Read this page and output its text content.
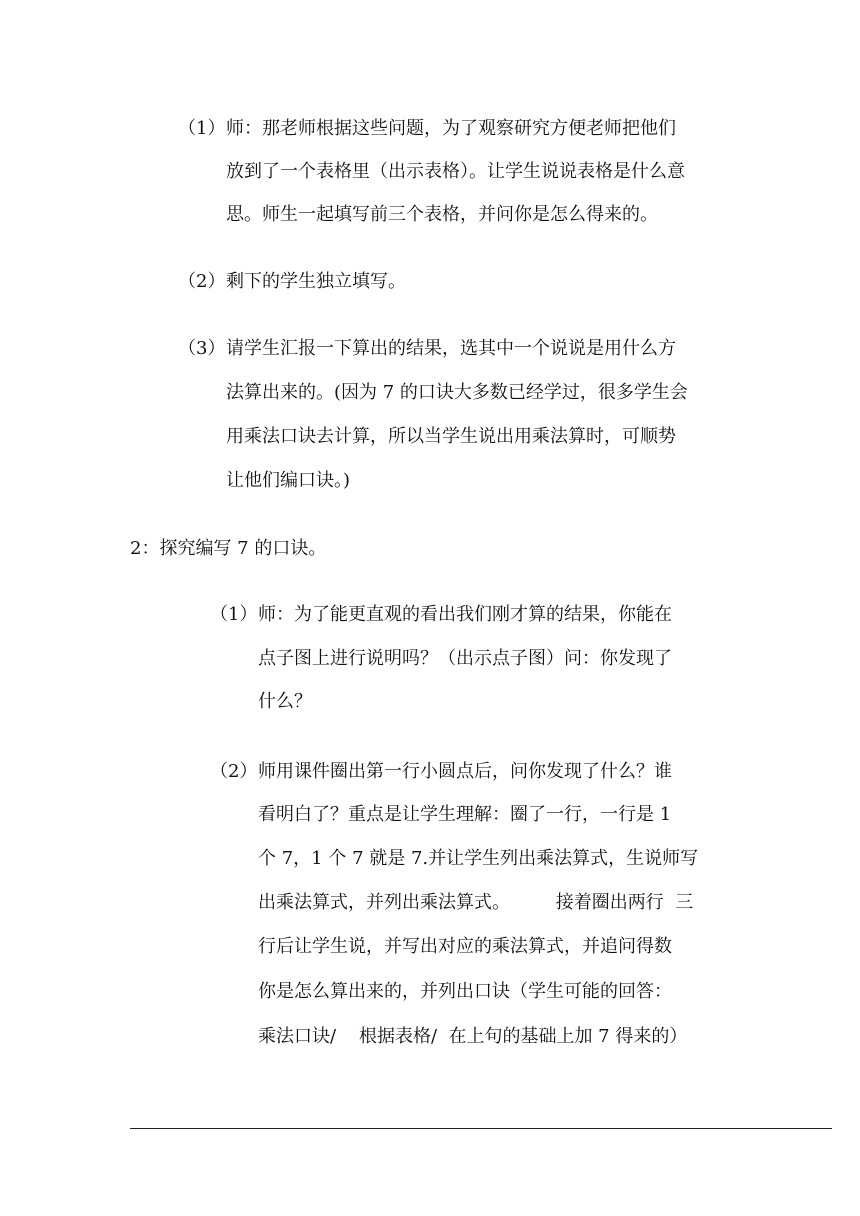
（1） 师：那老师根据这些问题，为了观察研究方便老师把他们
放到了一个表格里（出示表格）。让学生说说表格是什么意
思。师生一起填写前三个表格，并问你是怎么得来的。
（2） 剩下的学生独立填写。
（3） 请学生汇报一下算出的结果，选其中一个说说是用什么方
法算出来的。(因为 7 的口诀大多数已经学过，很多学生会
用乘法口诀去计算，所以当学生说出用乘法算时，可顺势
让他们编口诀。)
2：探究编写 7 的口诀。
（1） 师：为了能更直观的看出我们刚才算的结果，你能在
点子图上进行说明吗？（出示点子图）问：你发现了
什么？
（2） 师用课件圈出第一行小圆点后，问你发现了什么？谁
看明白了？重点是让学生理解：圈了一行，一行是 1
个 7，1 个 7 就是 7.并让学生列出乘法算式，生说师写
出乘法算式，并列出乘法算式。        接着圈出两行  三
行后让学生说，并写出对应的乘法算式，并追问得数
你是怎么算出来的，并列出口诀（学生可能的回答：
乘法口诀/    根据表格/  在上句的基础上加 7 得来的）
